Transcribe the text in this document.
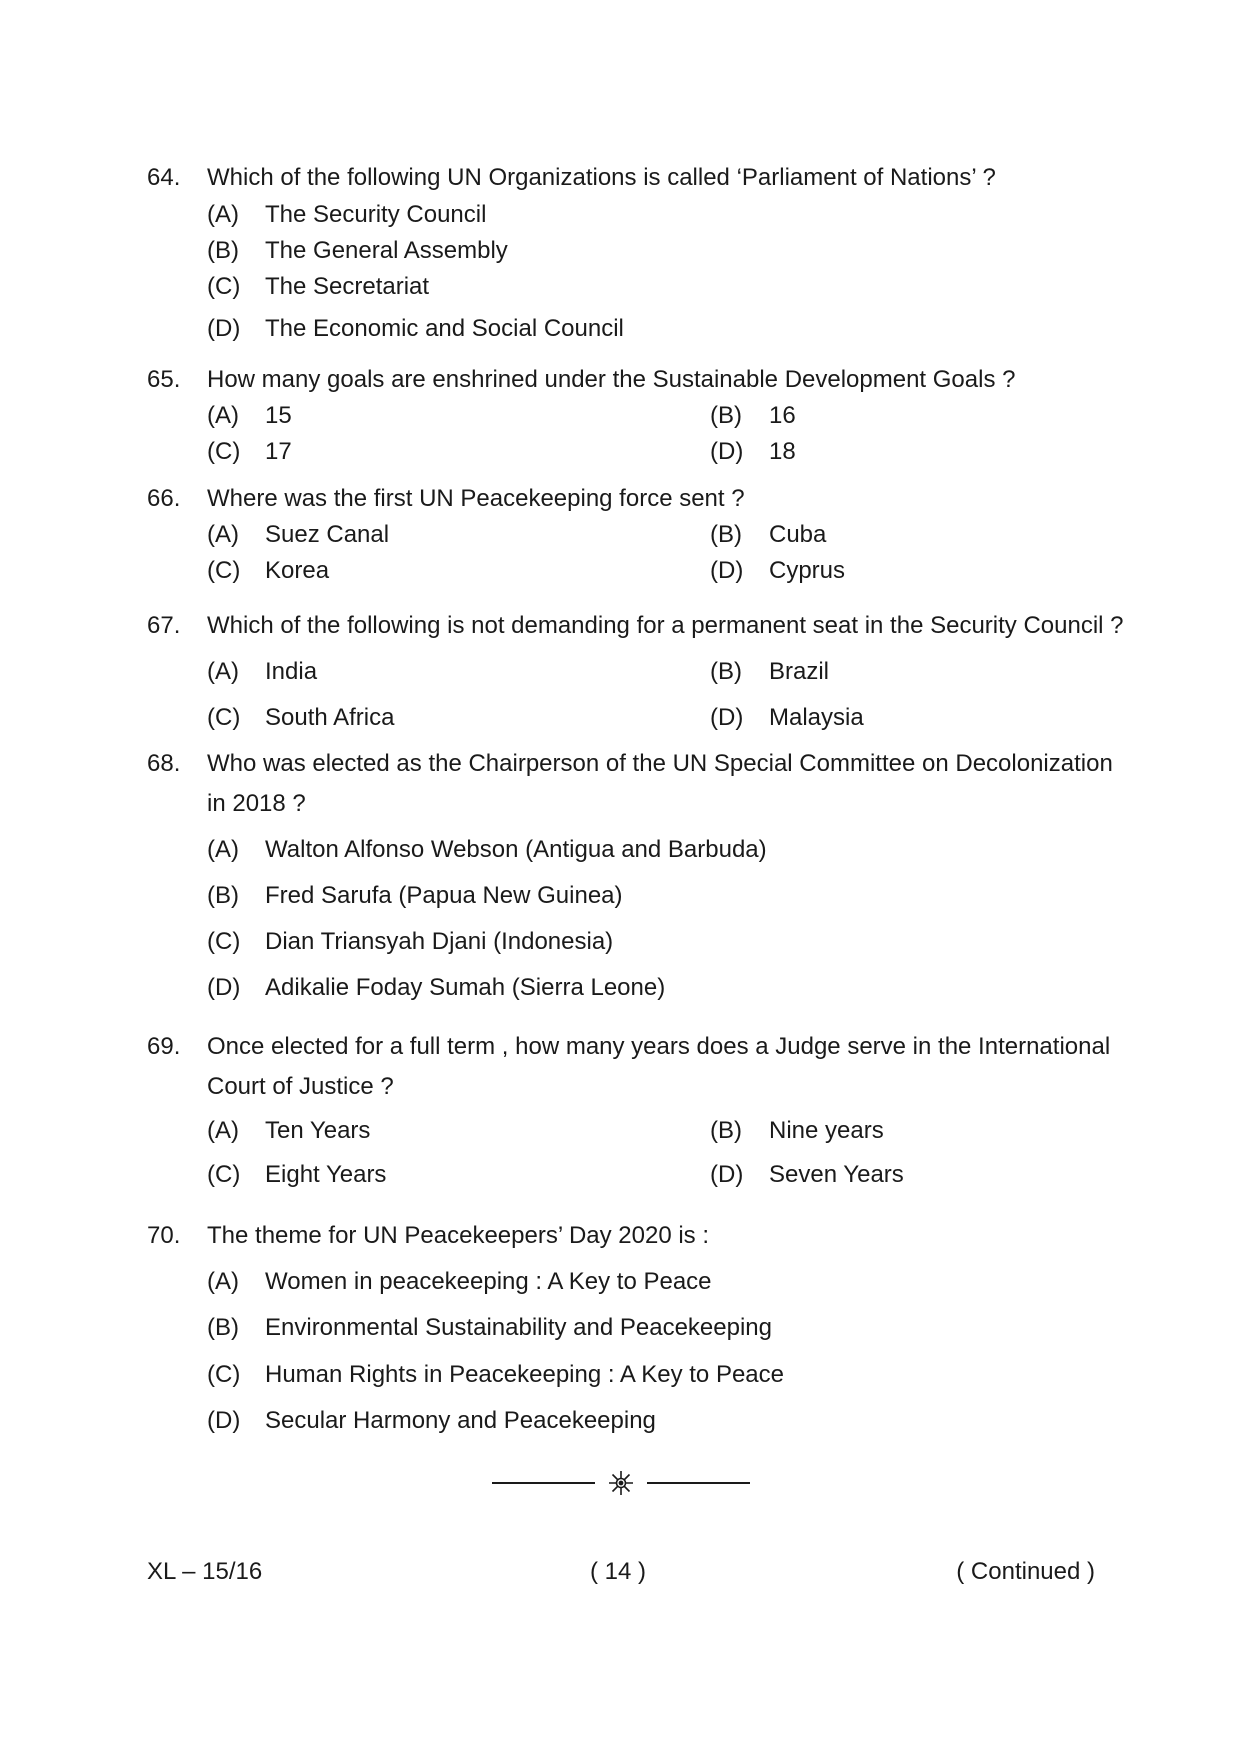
64. Which of the following UN Organizations is called ‘Parliament of Nations’ ?
(A) The Security Council
(B) The General Assembly
(C) The Secretariat
(D) The Economic and Social Council
65. How many goals are enshrined under the Sustainable Development Goals ?
(A) 15	(B) 16
(C) 17	(D) 18
66. Where was the first UN Peacekeeping force sent ?
(A) Suez Canal	(B) Cuba
(C) Korea	(D) Cyprus
67. Which of the following is not demanding for a permanent seat in the Security Council ?
(A) India	(B) Brazil
(C) South Africa	(D) Malaysia
68. Who was elected as the Chairperson of the UN Special Committee on Decolonization
in 2018 ?
(A) Walton Alfonso Webson (Antigua and Barbuda)
(B) Fred Sarufa (Papua New Guinea)
(C) Dian Triansyah Djani (Indonesia)
(D) Adikalie Foday Sumah (Sierra Leone)
69. Once elected for a full term , how many years does a Judge serve in the International
Court of Justice ?
(A) Ten Years	(B) Nine years
(C) Eight Years	(D) Seven Years
70. The theme for UN Peacekeepers’ Day 2020 is :
(A) Women in peacekeeping : A Key to Peace
(B) Environmental Sustainability and Peacekeeping
(C) Human Rights in Peacekeeping : A Key to Peace
(D) Secular Harmony and Peacekeeping
XL – 15/16	( 14 )	( Continued )
